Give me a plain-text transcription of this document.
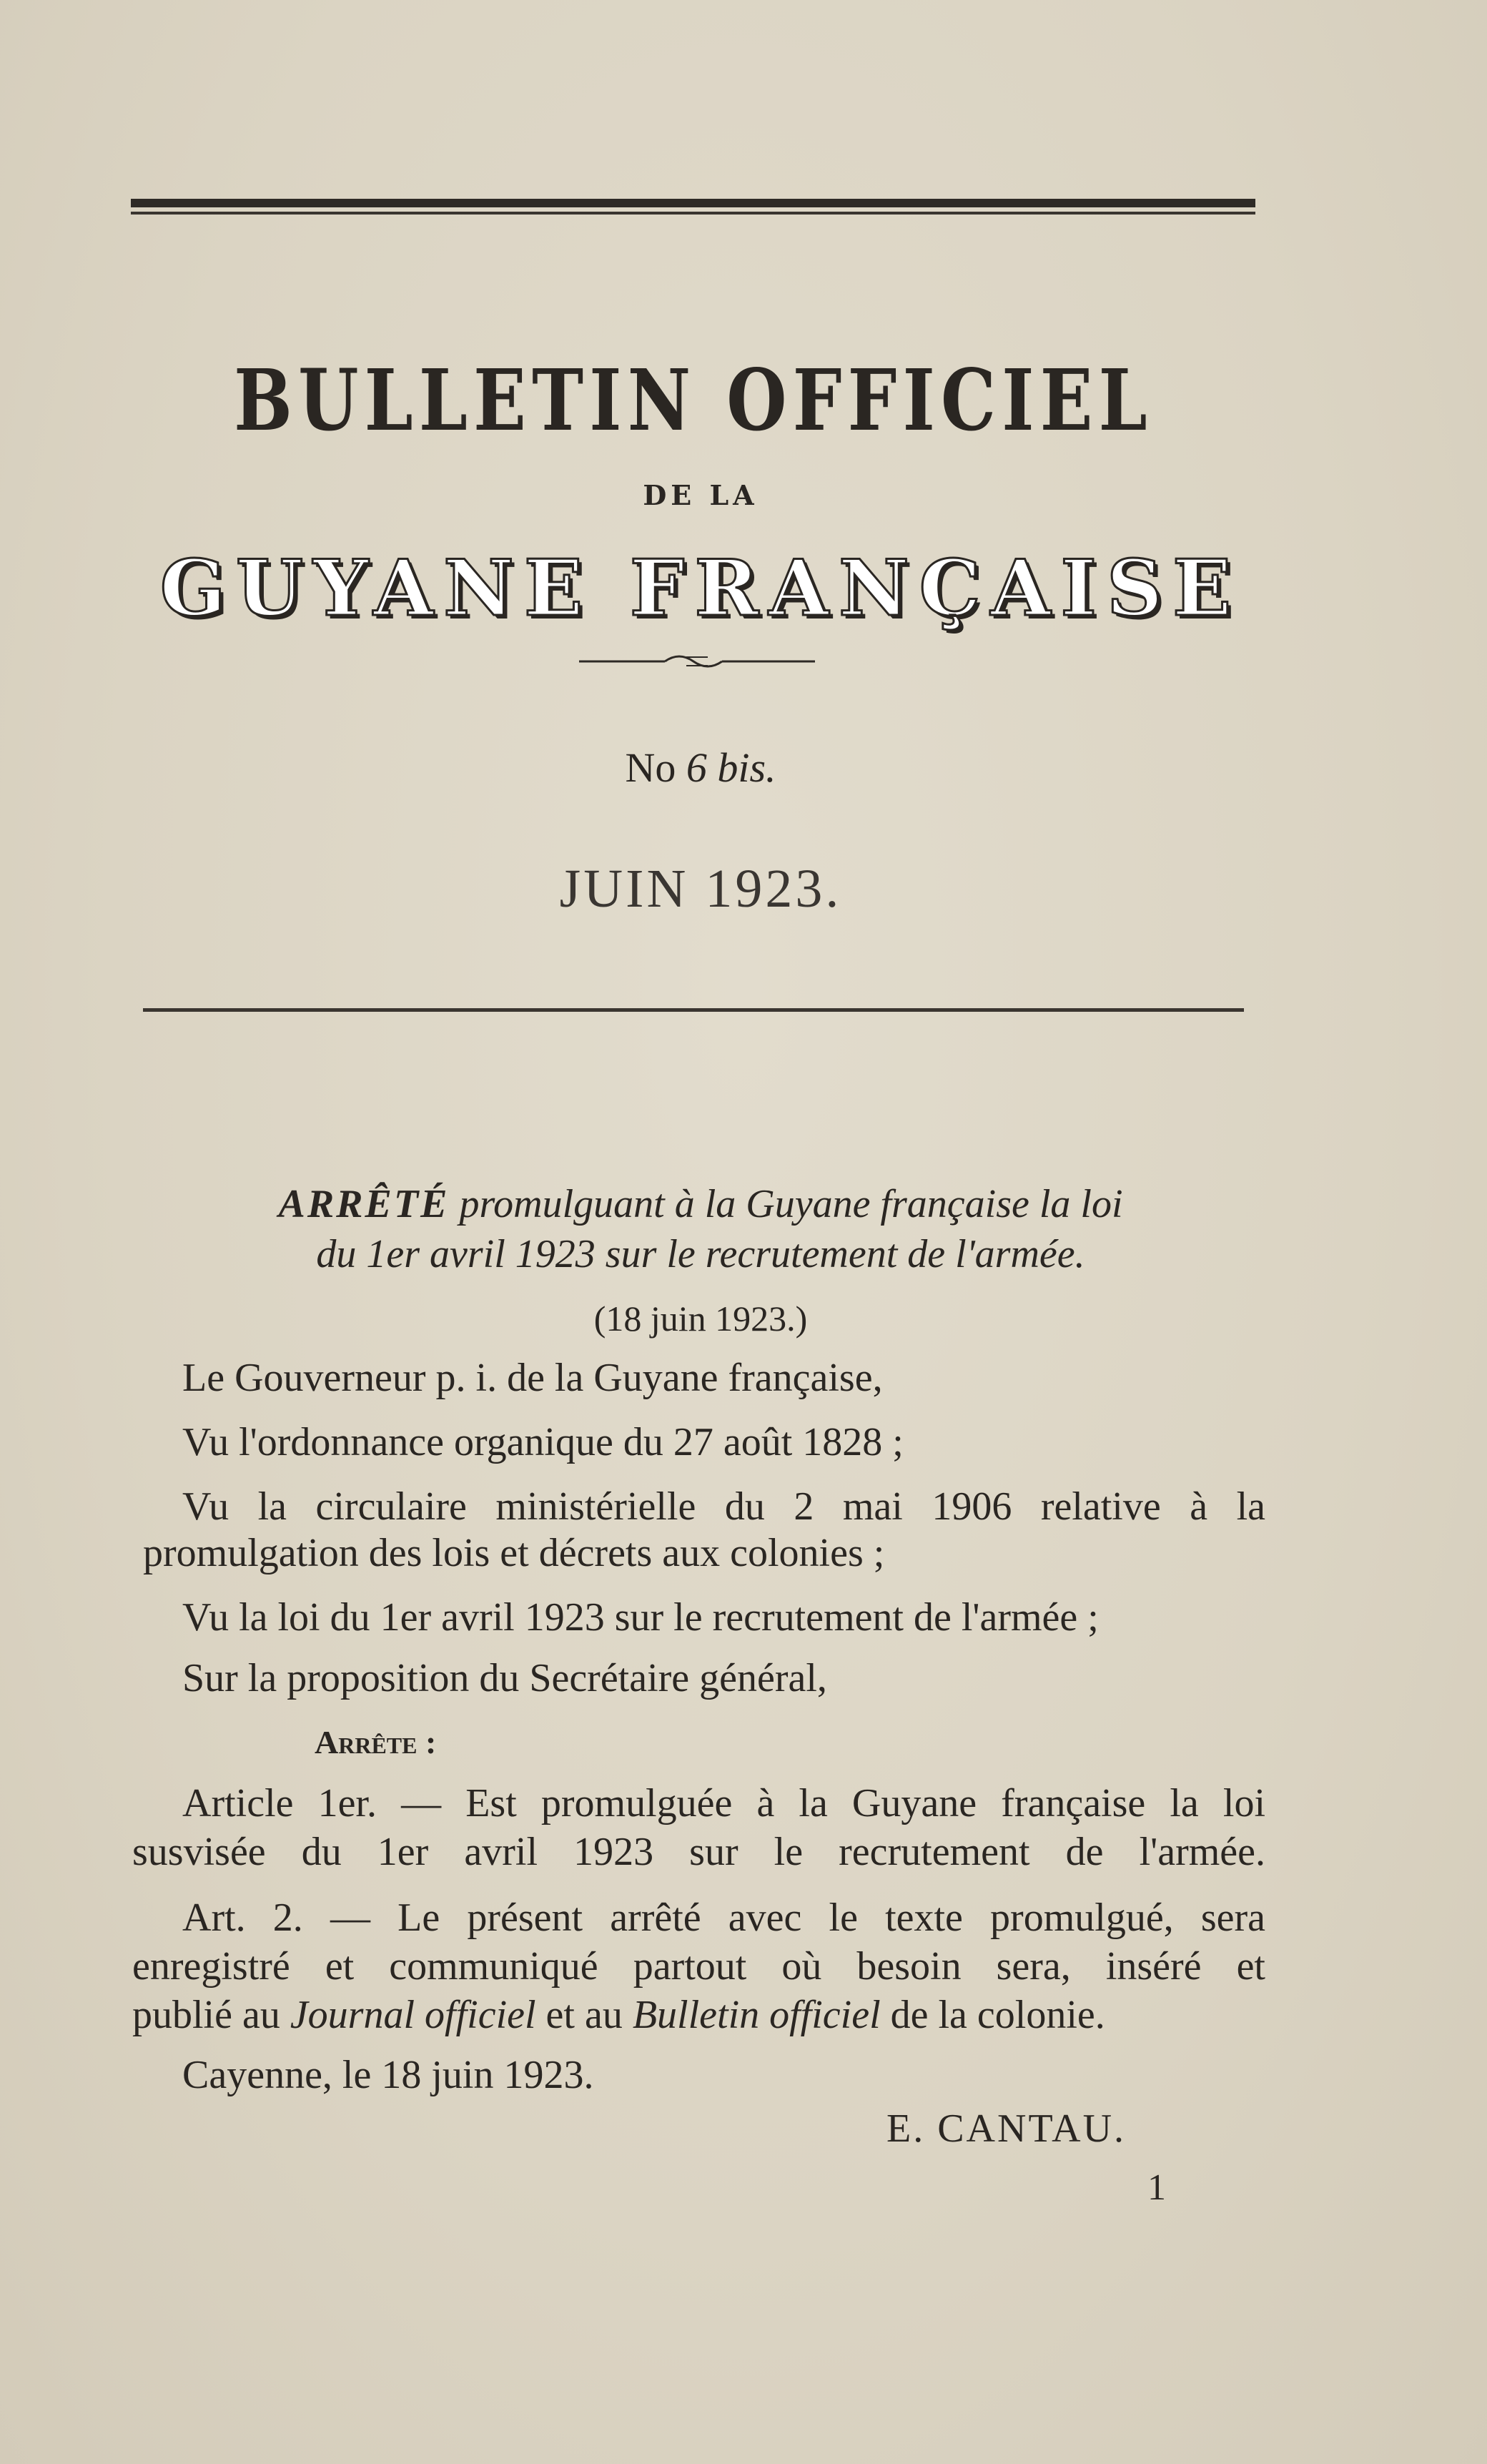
BULLETIN OFFICIEL
DE LA
GUYANE FRANÇAISE
No 6 bis.
JUIN 1923.
ARRÊTÉ promulguant à la Guyane française la loi
du 1er avril 1923 sur le recrutement de l'armée.
(18 juin 1923.)
Le Gouverneur p. i. de la Guyane française,
Vu l'ordonnance organique du 27 août 1828 ;
Vu la circulaire ministérielle du 2 mai 1906 relative à la
promulgation des lois et décrets aux colonies ;
Vu la loi du 1er avril 1923 sur le recrutement de l'armée ;
Sur la proposition du Secrétaire général,
Arrête :
Article 1er. — Est promulguée à la Guyane française la loi
susvisée du 1er avril 1923 sur le recrutement de l'armée.
Art. 2. — Le présent arrêté avec le texte promulgué, sera
enregistré et communiqué partout où besoin sera, inséré et
publié au Journal officiel et au Bulletin officiel de la colonie.
Cayenne, le 18 juin 1923.
E. CANTAU.
1
